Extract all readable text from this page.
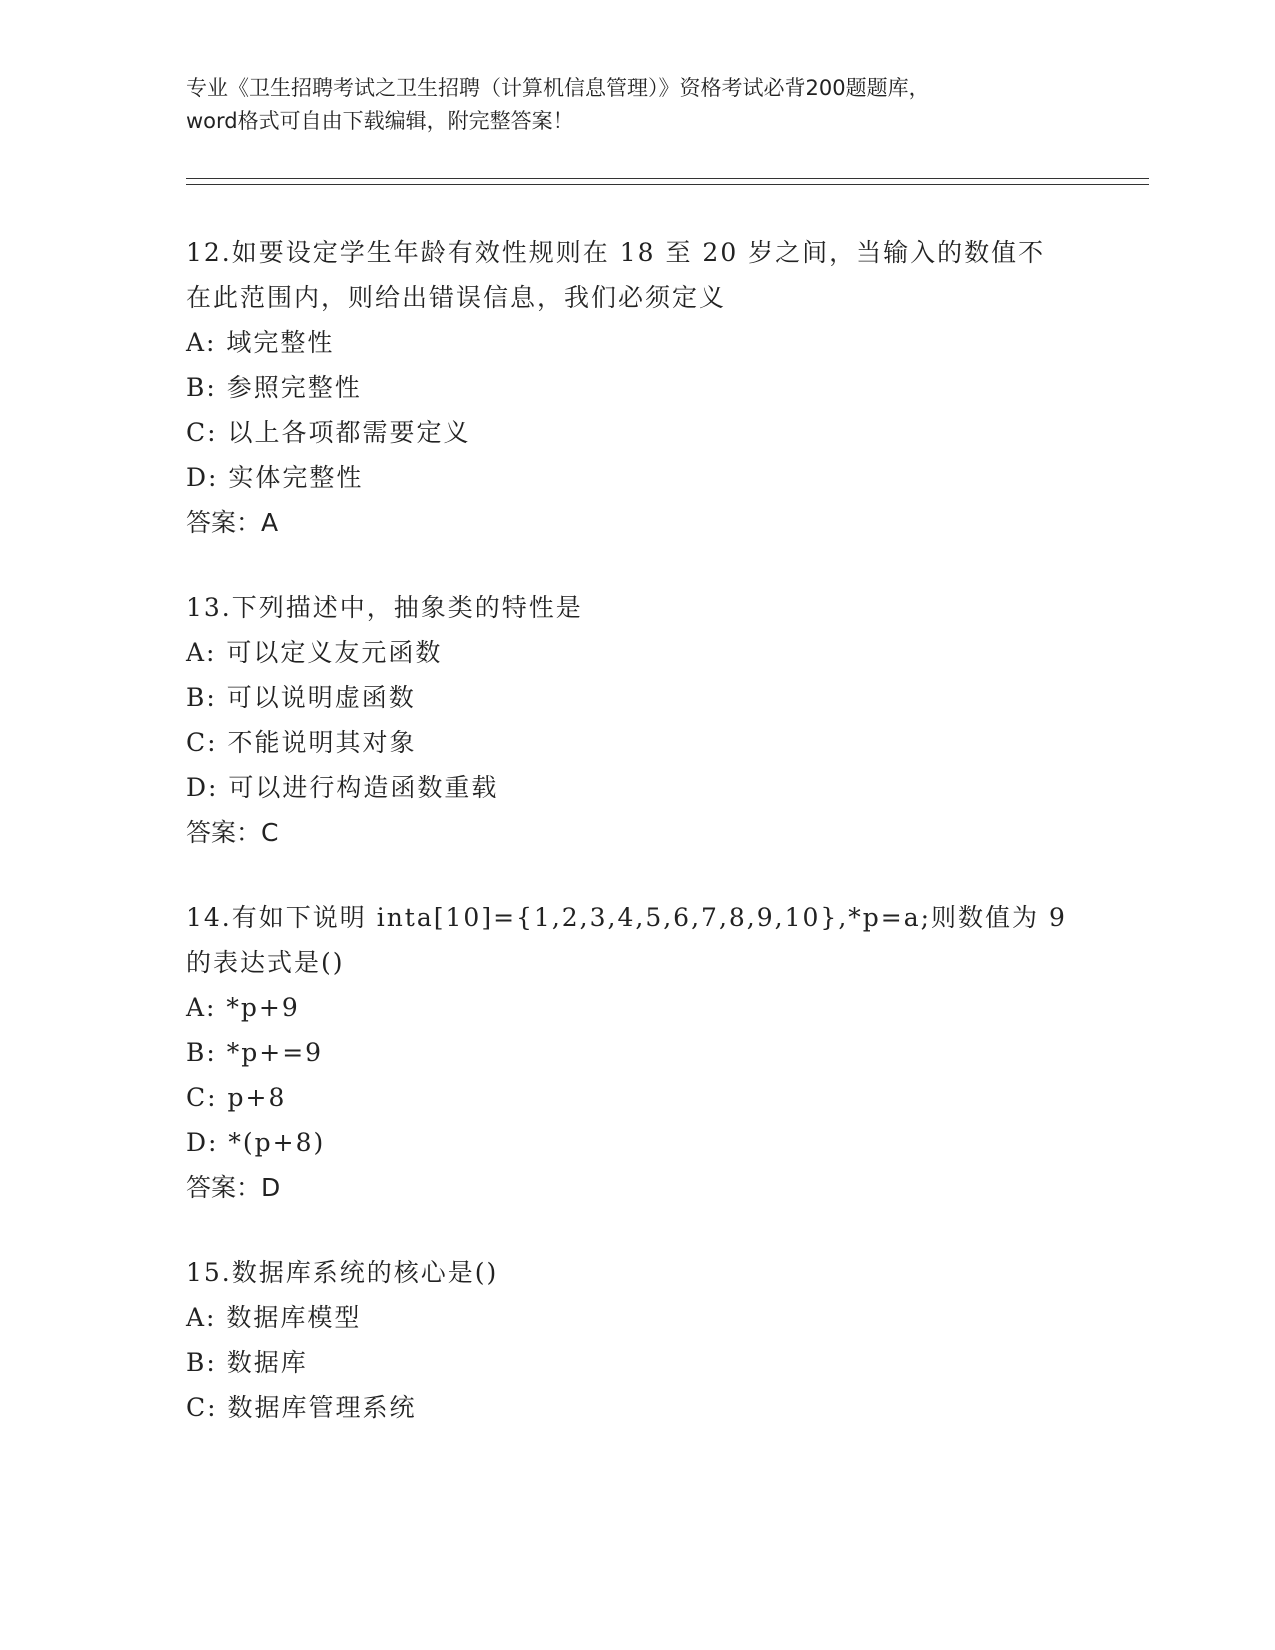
专业《卫生招聘考试之卫生招聘（计算机信息管理）》资格考试必背200题题库，
word格式可自由下载编辑，附完整答案！
12.如要设定学生年龄有效性规则在 18 至 20 岁之间，当输入的数值不
在此范围内，则给出错误信息，我们必须定义
A: 域完整性
B: 参照完整性
C: 以上各项都需要定义
D: 实体完整性
答案：A
13.下列描述中，抽象类的特性是
A: 可以定义友元函数
B: 可以说明虚函数
C: 不能说明其对象
D: 可以进行构造函数重载
答案：C
14.有如下说明 inta[10]={1,2,3,4,5,6,7,8,9,10},*p=a;则数值为 9
的表达式是()
A: *p+9
B: *p+=9
C: p+8
D: *(p+8)
答案：D
15.数据库系统的核心是()
A: 数据库模型
B: 数据库
C: 数据库管理系统
